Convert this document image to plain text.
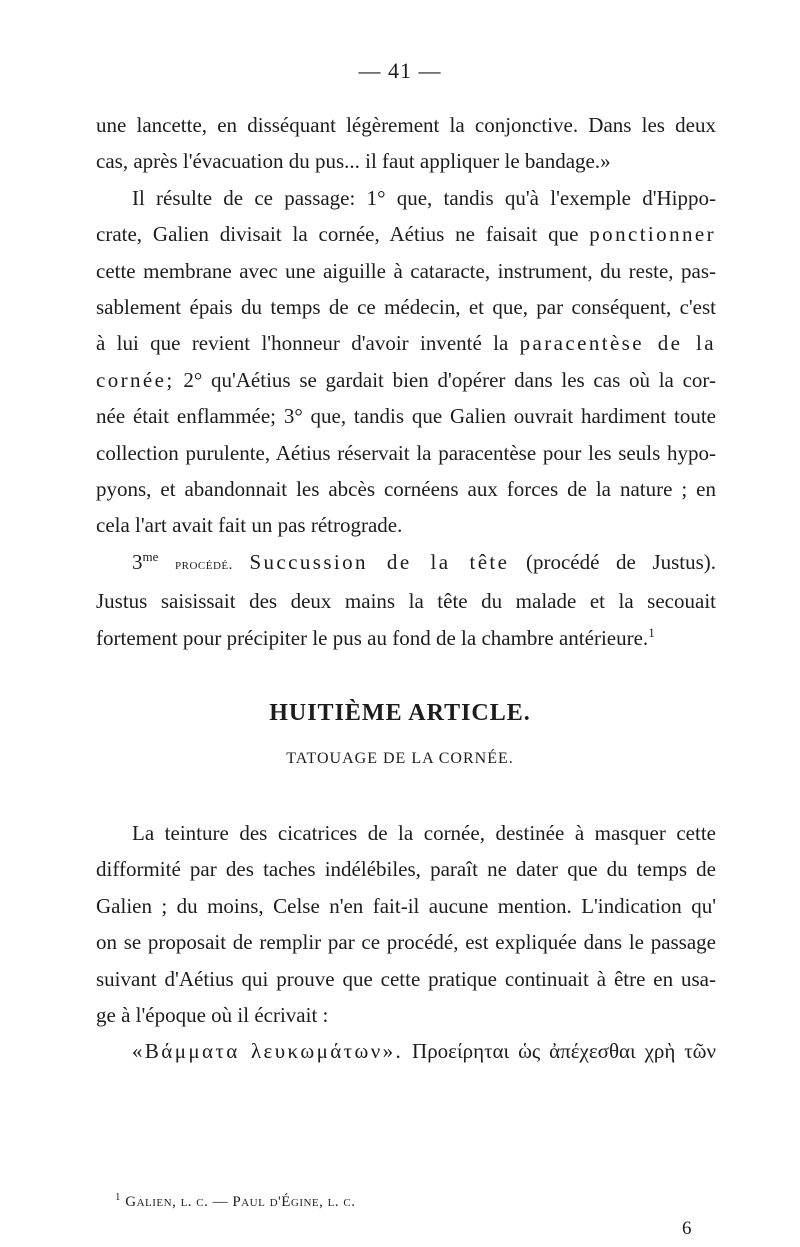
— 41 —
une lancette, en disséquant légèrement la conjonctive. Dans les deux
cas, après l'évacuation du pus... il faut appliquer le bandage.»
Il résulte de ce passage: 1° que, tandis qu'à l'exemple d'Hippo-
crate, Galien divisait la cornée, Aétius ne faisait que ponctionner
cette membrane avec une aiguille à cataracte, instrument, du reste, pas-
sablement épais du temps de ce médecin, et que, par conséquent, c'est
à lui que revient l'honneur d'avoir inventé la paracentèse de la
cornée; 2° qu'Aétius se gardait bien d'opérer dans les cas où la cor-
née était enflammée; 3° que, tandis que Galien ouvrait hardiment toute
collection purulente, Aétius réservait la paracentèse pour les seuls hypo-
pyons, et abandonnait les abcès cornéens aux forces de la nature ; en
cela l'art avait fait un pas rétrograde.
$3^{me}$ procédé. Succussion de la tête (procédé de Justus).
Justus saisissait des deux mains la tête du malade et la secouait
fortement pour précipiter le pus au fond de la chambre antérieure.$^1$
HUITIÈME ARTICLE.
TATOUAGE DE LA CORNÉE.
La teinture des cicatrices de la cornée, destinée à masquer cette
difformité par des taches indélébiles, paraît ne dater que du temps de
Galien ; du moins, Celse n'en fait-il aucune mention. L'indication qu'
on se proposait de remplir par ce procédé, est expliquée dans le passage
suivant d'Aétius qui prouve que cette pratique continuait à être en usa-
ge à l'époque où il écrivait :
«Βάμματα λευκωμάτων». Προείρηται ὡς ἀπέχεσθαι χρὴ τῶν
$^1$ Galien, l. c. — Paul d'Égine, l. c.
6
